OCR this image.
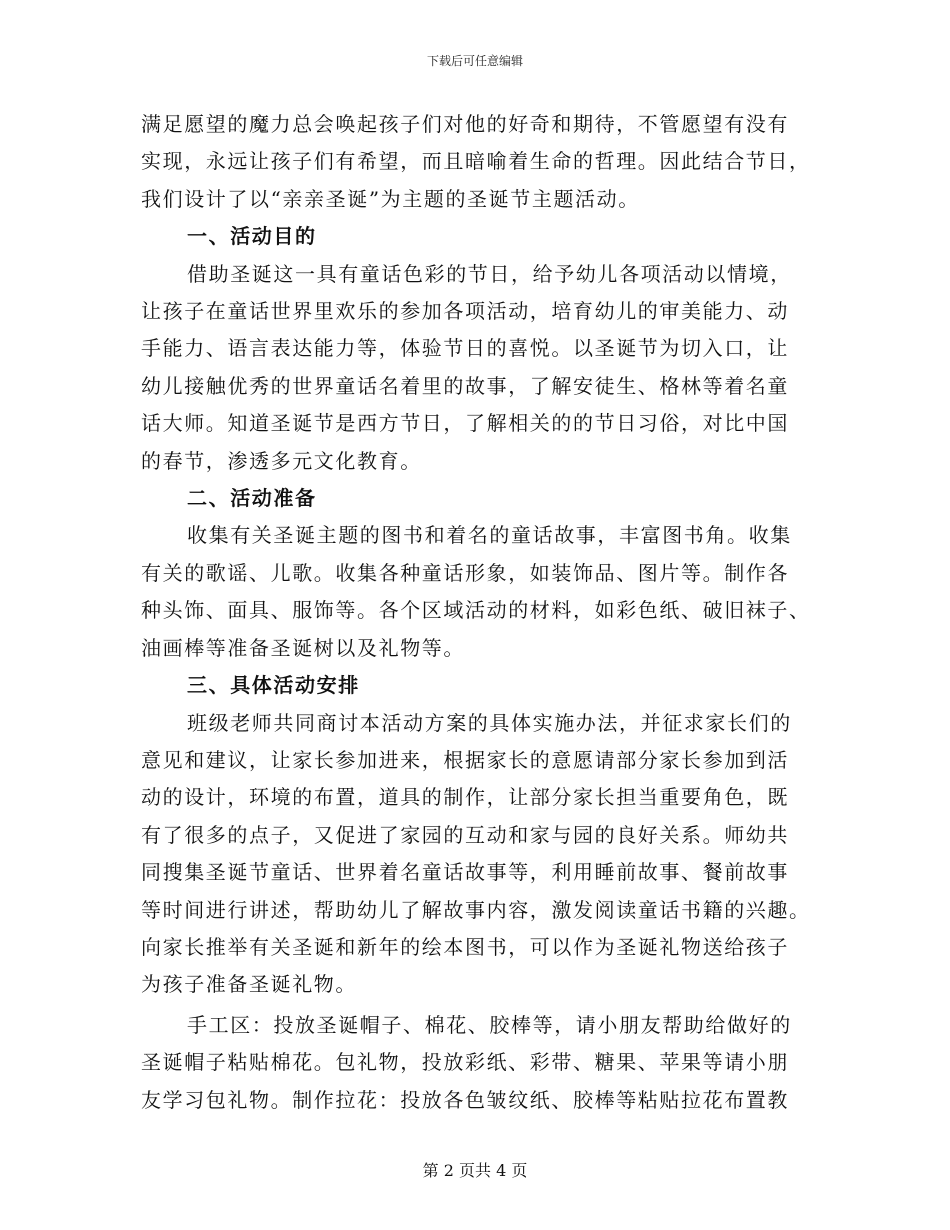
下载后可任意编辑
满足愿望的魔力总会唤起孩子们对他的好奇和期待，不管愿望有没有
实现，永远让孩子们有希望，而且暗喻着生命的哲理。因此结合节日，
我们设计了以“亲亲圣诞”为主题的圣诞节主题活动。
一、活动目的
借助圣诞这一具有童话色彩的节日，给予幼儿各项活动以情境，
让孩子在童话世界里欢乐的参加各项活动，培育幼儿的审美能力、动
手能力、语言表达能力等，体验节日的喜悦。以圣诞节为切入口，让
幼儿接触优秀的世界童话名着里的故事，了解安徒生、格林等着名童
话大师。知道圣诞节是西方节日，了解相关的的节日习俗，对比中国
的春节，渗透多元文化教育。
二、活动准备
收集有关圣诞主题的图书和着名的童话故事，丰富图书角。收集
有关的歌谣、儿歌。收集各种童话形象，如装饰品、图片等。制作各
种头饰、面具、服饰等。各个区域活动的材料，如彩色纸、破旧袜子、
油画棒等准备圣诞树以及礼物等。
三、具体活动安排
班级老师共同商讨本活动方案的具体实施办法，并征求家长们的
意见和建议，让家长参加进来，根据家长的意愿请部分家长参加到活
动的设计，环境的布置，道具的制作，让部分家长担当重要角色，既
有了很多的点子，又促进了家园的互动和家与园的良好关系。师幼共
同搜集圣诞节童话、世界着名童话故事等，利用睡前故事、餐前故事
等时间进行讲述，帮助幼儿了解故事内容，激发阅读童话书籍的兴趣。
向家长推举有关圣诞和新年的绘本图书，可以作为圣诞礼物送给孩子
为孩子准备圣诞礼物。
手工区：投放圣诞帽子、棉花、胶棒等，请小朋友帮助给做好的
圣诞帽子粘贴棉花。包礼物，投放彩纸、彩带、糖果、苹果等请小朋
友学习包礼物。制作拉花：投放各色皱纹纸、胶棒等粘贴拉花布置教
第 2 页共 4 页
